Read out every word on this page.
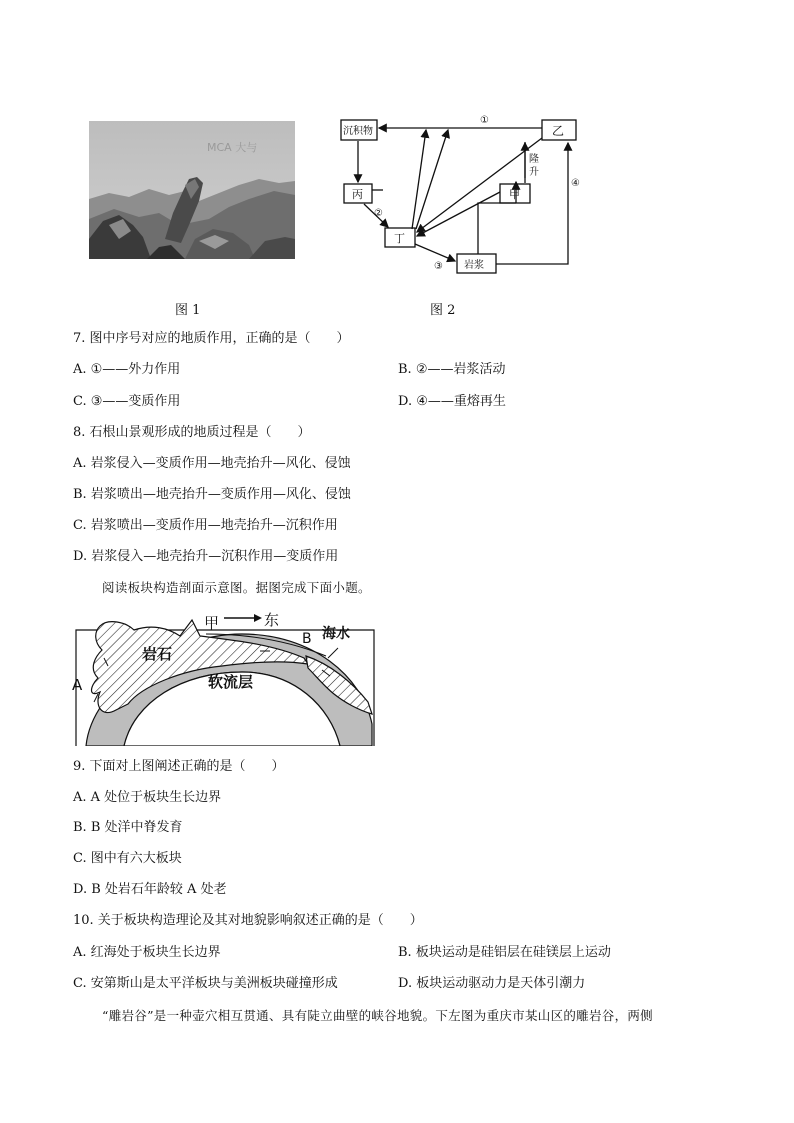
MCA 大与
沉积物	乙
丙	甲
丁
岩浆
①
②
③
④
隆
升
图 1	图 2
7. 图中序号对应的地质作用，正确的是（　　）
A. ①——外力作用	B. ②——岩浆活动
C. ③——变质作用	D. ④——重熔再生
8. 石根山景观形成的地质过程是（　　）
A. 岩浆侵入—变质作用—地壳抬升—风化、侵蚀
B. 岩浆喷出—地壳抬升—变质作用—风化、侵蚀
C. 岩浆喷出—变质作用—地壳抬升—沉积作用
D. 岩浆侵入—地壳抬升—沉积作用—变质作用
阅读板块构造剖面示意图。据图完成下面小题。
甲	东
B 海水
A
岩石
软流层
9. 下面对上图阐述正确的是（　　）
A. A 处位于板块生长边界
B. B 处洋中脊发育
C. 图中有六大板块
D. B 处岩石年龄较 A 处老
10. 关于板块构造理论及其对地貌影响叙述正确的是（　　）
A. 红海处于板块生长边界	B. 板块运动是硅铝层在硅镁层上运动
C. 安第斯山是太平洋板块与美洲板块碰撞形成	D. 板块运动驱动力是天体引潮力
“雕岩谷”是一种壶穴相互贯通、具有陡立曲壁的峡谷地貌。下左图为重庆市某山区的雕岩谷，两侧
